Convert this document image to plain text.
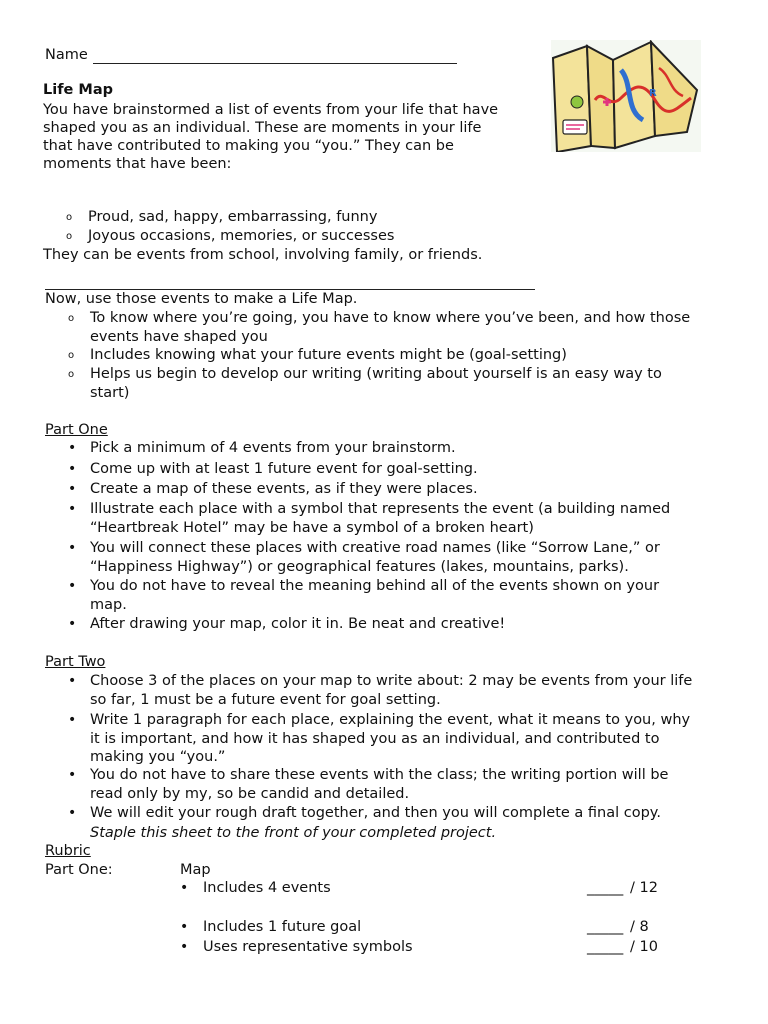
Name
R
Life Map
You have brainstormed a list of events from your life that have
shaped you as an individual. These are moments in your life
that have contributed to making you “you.” They can be
moments that have been:
o Proud, sad, happy, embarrassing, funny
o Joyous occasions, memories, or successes
They can be events from school, involving family, or friends.
Now, use those events to make a Life Map.
o To know where you’re going, you have to know where you’ve been, and how those
events have shaped you
o Includes knowing what your future events might be (goal-setting)
o Helps us begin to develop our writing (writing about yourself is an easy way to
start)
Part One
• Pick a minimum of 4 events from your brainstorm.
• Come up with at least 1 future event for goal-setting.
• Create a map of these events, as if they were places.
• Illustrate each place with a symbol that represents the event (a building named
“Heartbreak Hotel” may be have a symbol of a broken heart)
• You will connect these places with creative road names (like “Sorrow Lane,” or
“Happiness Highway”) or geographical features (lakes, mountains, parks).
• You do not have to reveal the meaning behind all of the events shown on your
map.
• After drawing your map, color it in. Be neat and creative!
Part Two
• Choose 3 of the places on your map to write about: 2 may be events from your life
so far, 1 must be a future event for goal setting.
• Write 1 paragraph for each place, explaining the event, what it means to you, why
it is important, and how it has shaped you as an individual, and contributed to
making you “you.”
• You do not have to share these events with the class; the writing portion will be
read only by my, so be candid and detailed.
• We will edit your rough draft together, and then you will complete a final copy.
Staple this sheet to the front of your completed project.
Rubric
Part One:	Map
• Includes 4 events	_____ / 12
• Includes 1 future goal	_____ / 8
• Uses representative symbols	_____ / 10
